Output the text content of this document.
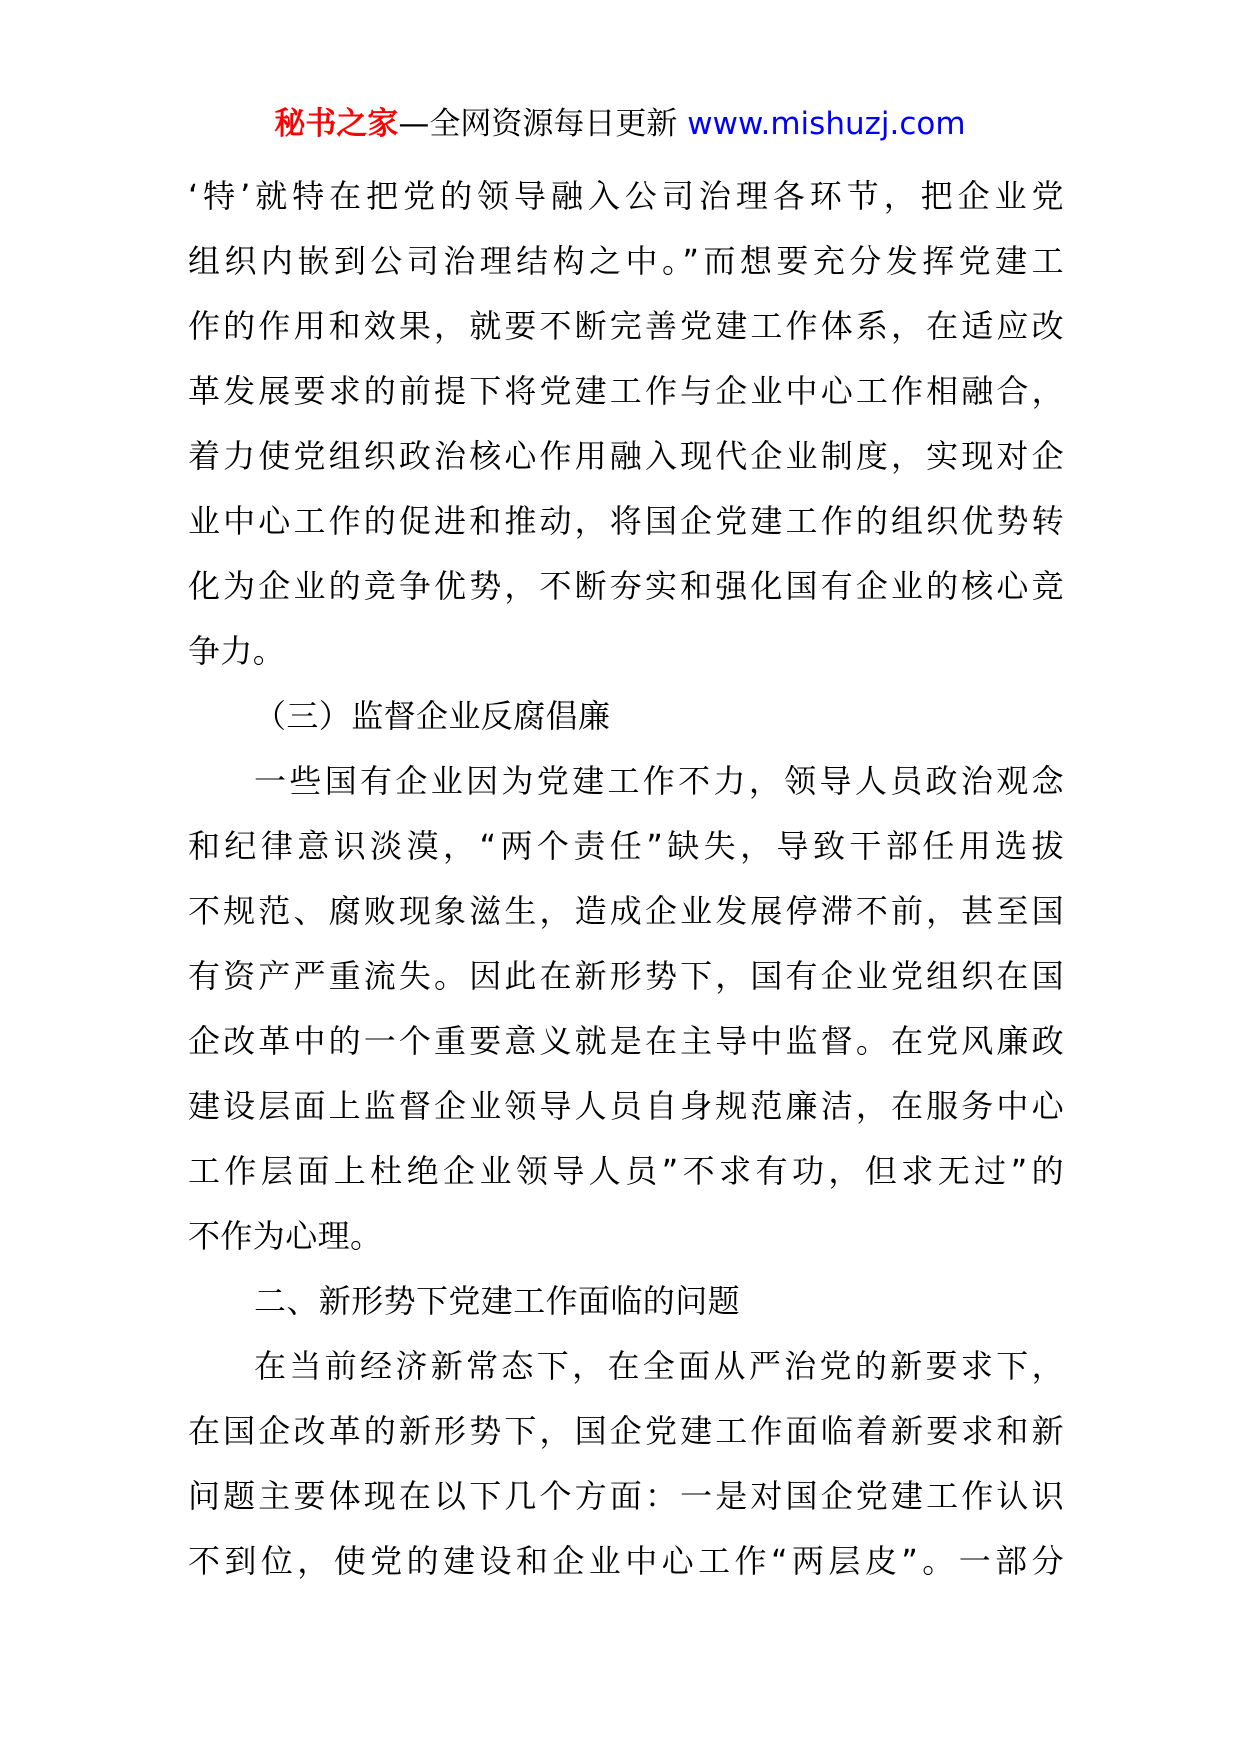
秘书之家—全网资源每日更新 www.mishuzj.com
‘特’就特在把党的领导融入公司治理各环节，把企业党
组织内嵌到公司治理结构之中。”而想要充分发挥党建工
作的作用和效果，就要不断完善党建工作体系，在适应改
革发展要求的前提下将党建工作与企业中心工作相融合，
着力使党组织政治核心作用融入现代企业制度，实现对企
业中心工作的促进和推动，将国企党建工作的组织优势转
化为企业的竞争优势，不断夯实和强化国有企业的核心竞
争力。
（三）监督企业反腐倡廉
一些国有企业因为党建工作不力，领导人员政治观念
和纪律意识淡漠，“两个责任”缺失，导致干部任用选拔
不规范、腐败现象滋生，造成企业发展停滞不前，甚至国
有资产严重流失。因此在新形势下，国有企业党组织在国
企改革中的一个重要意义就是在主导中监督。在党风廉政
建设层面上监督企业领导人员自身规范廉洁，在服务中心
工作层面上杜绝企业领导人员”不求有功，但求无过”的
不作为心理。
二、新形势下党建工作面临的问题
在当前经济新常态下，在全面从严治党的新要求下，
在国企改革的新形势下，国企党建工作面临着新要求和新
问题主要体现在以下几个方面：一是对国企党建工作认识
不到位，使党的建设和企业中心工作“两层皮”。一部分
